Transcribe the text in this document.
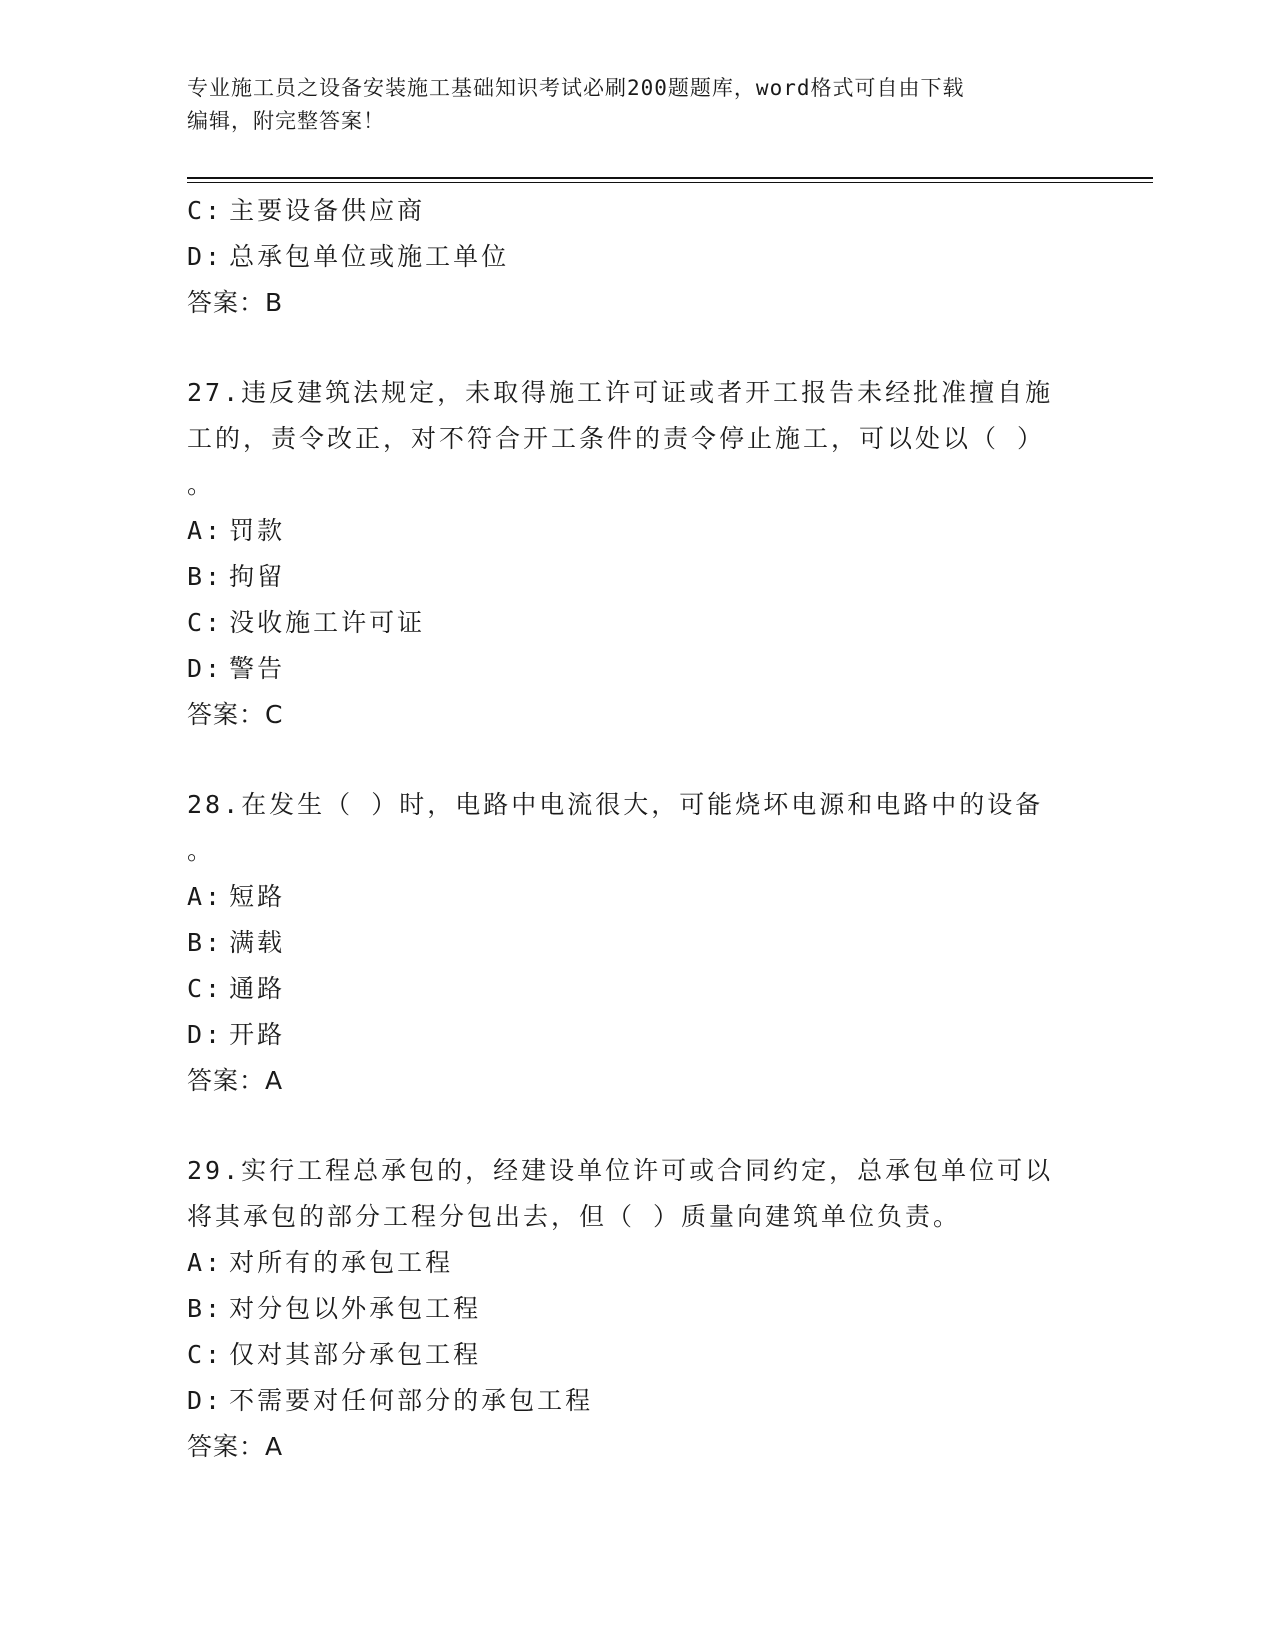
专业施工员之设备安装施工基础知识考试必刷200题题库，word格式可自由下载
编辑，附完整答案！
C: 主要设备供应商
D: 总承包单位或施工单位
答案：B
27.违反建筑法规定，未取得施工许可证或者开工报告未经批准擅自施
工的，责令改正，对不符合开工条件的责令停止施工，可以处以（ ）
。
A: 罚款
B: 拘留
C: 没收施工许可证
D: 警告
答案：C
28.在发生（ ）时，电路中电流很大，可能烧坏电源和电路中的设备
。
A: 短路
B: 满载
C: 通路
D: 开路
答案：A
29.实行工程总承包的，经建设单位许可或合同约定，总承包单位可以
将其承包的部分工程分包出去，但（ ）质量向建筑单位负责。
A: 对所有的承包工程
B: 对分包以外承包工程
C: 仅对其部分承包工程
D: 不需要对任何部分的承包工程
答案：A
